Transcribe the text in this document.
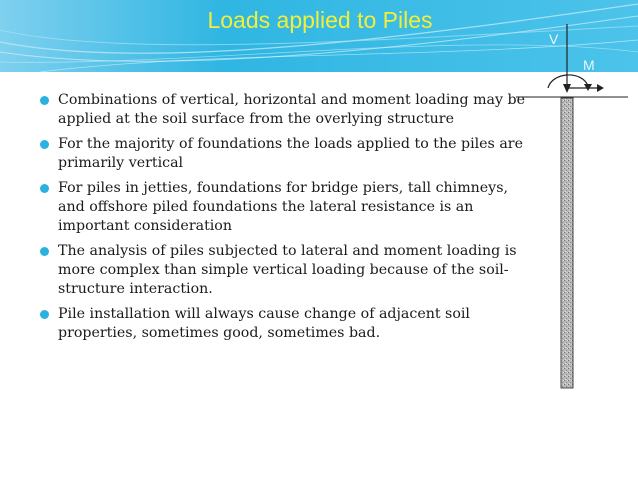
Loads applied to Piles
Combinations of vertical, horizontal and moment loading may be applied at the soil surface from the overlying structure
For the majority of foundations the loads applied to the piles are primarily vertical
For piles in jetties, foundations for bridge piers, tall chimneys, and offshore piled foundations the lateral resistance is an important consideration
The analysis of piles subjected to lateral and moment loading is more complex than simple vertical loading because of the soil-structure interaction.
Pile installation will always cause change of adjacent soil properties, sometimes good, sometimes bad.
V
M
